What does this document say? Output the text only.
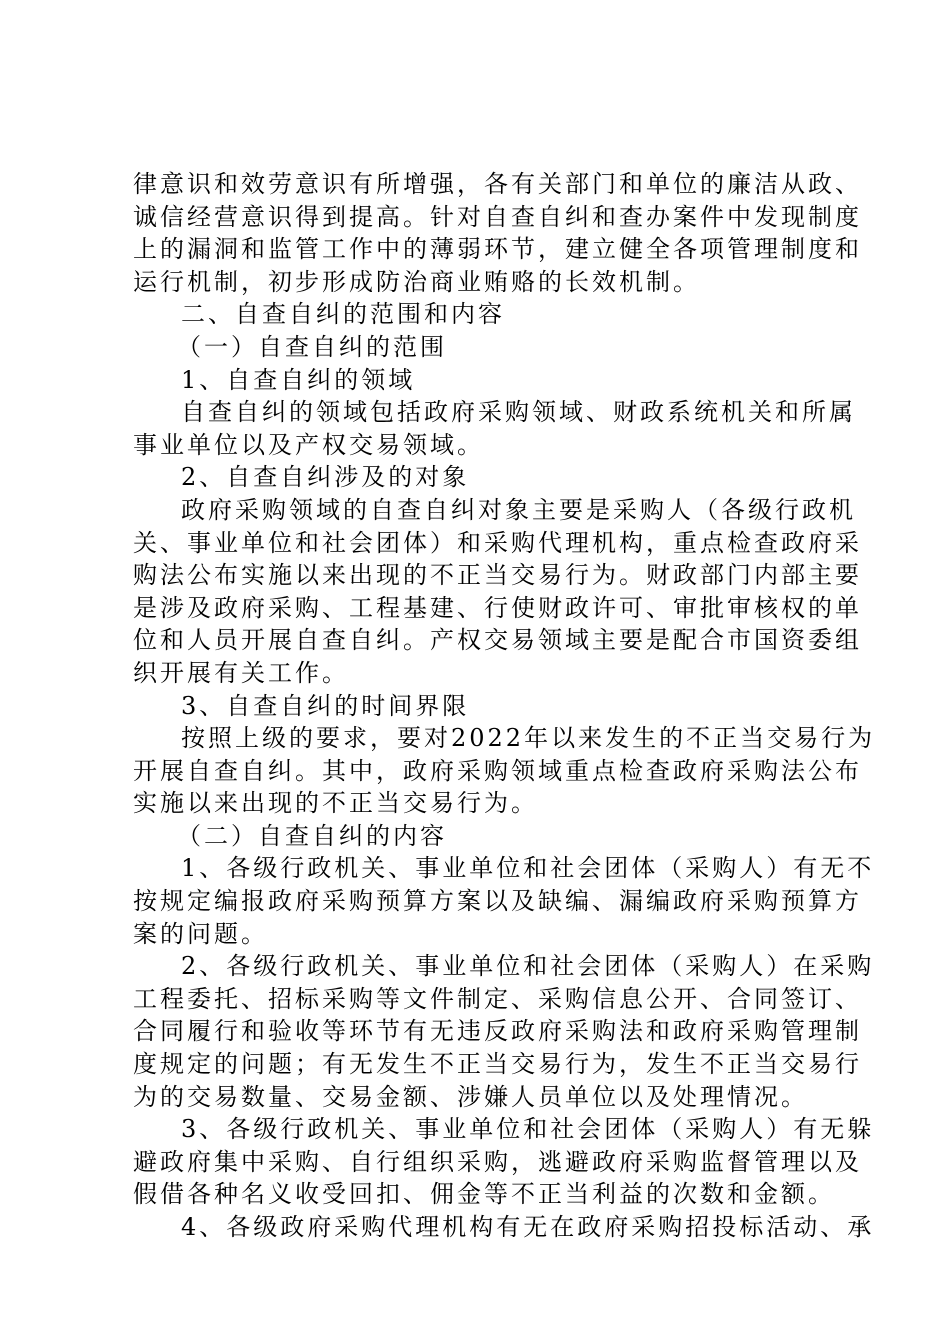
律意识和效劳意识有所增强，各有关部门和单位的廉洁从政、
诚信经营意识得到提高。针对自查自纠和查办案件中发现制度
上的漏洞和监管工作中的薄弱环节，建立健全各项管理制度和
运行机制，初步形成防治商业贿赂的长效机制。
二、自查自纠的范围和内容
（一）自查自纠的范围
1、自查自纠的领域
自查自纠的领域包括政府采购领域、财政系统机关和所属
事业单位以及产权交易领域。
2、自查自纠涉及的对象
政府采购领域的自查自纠对象主要是采购人（各级行政机
关、事业单位和社会团体）和采购代理机构，重点检查政府采
购法公布实施以来出现的不正当交易行为。财政部门内部主要
是涉及政府采购、工程基建、行使财政许可、审批审核权的单
位和人员开展自查自纠。产权交易领域主要是配合市国资委组
织开展有关工作。
3、自查自纠的时间界限
按照上级的要求，要对2022年以来发生的不正当交易行为
开展自查自纠。其中，政府采购领域重点检查政府采购法公布
实施以来出现的不正当交易行为。
（二）自查自纠的内容
1、各级行政机关、事业单位和社会团体（采购人）有无不
按规定编报政府采购预算方案以及缺编、漏编政府采购预算方
案的问题。
2、各级行政机关、事业单位和社会团体（采购人）在采购
工程委托、招标采购等文件制定、采购信息公开、合同签订、
合同履行和验收等环节有无违反政府采购法和政府采购管理制
度规定的问题；有无发生不正当交易行为，发生不正当交易行
为的交易数量、交易金额、涉嫌人员单位以及处理情况。
3、各级行政机关、事业单位和社会团体（采购人）有无躲
避政府集中采购、自行组织采购，逃避政府采购监督管理以及
假借各种名义收受回扣、佣金等不正当利益的次数和金额。
4、各级政府采购代理机构有无在政府采购招投标活动、承
